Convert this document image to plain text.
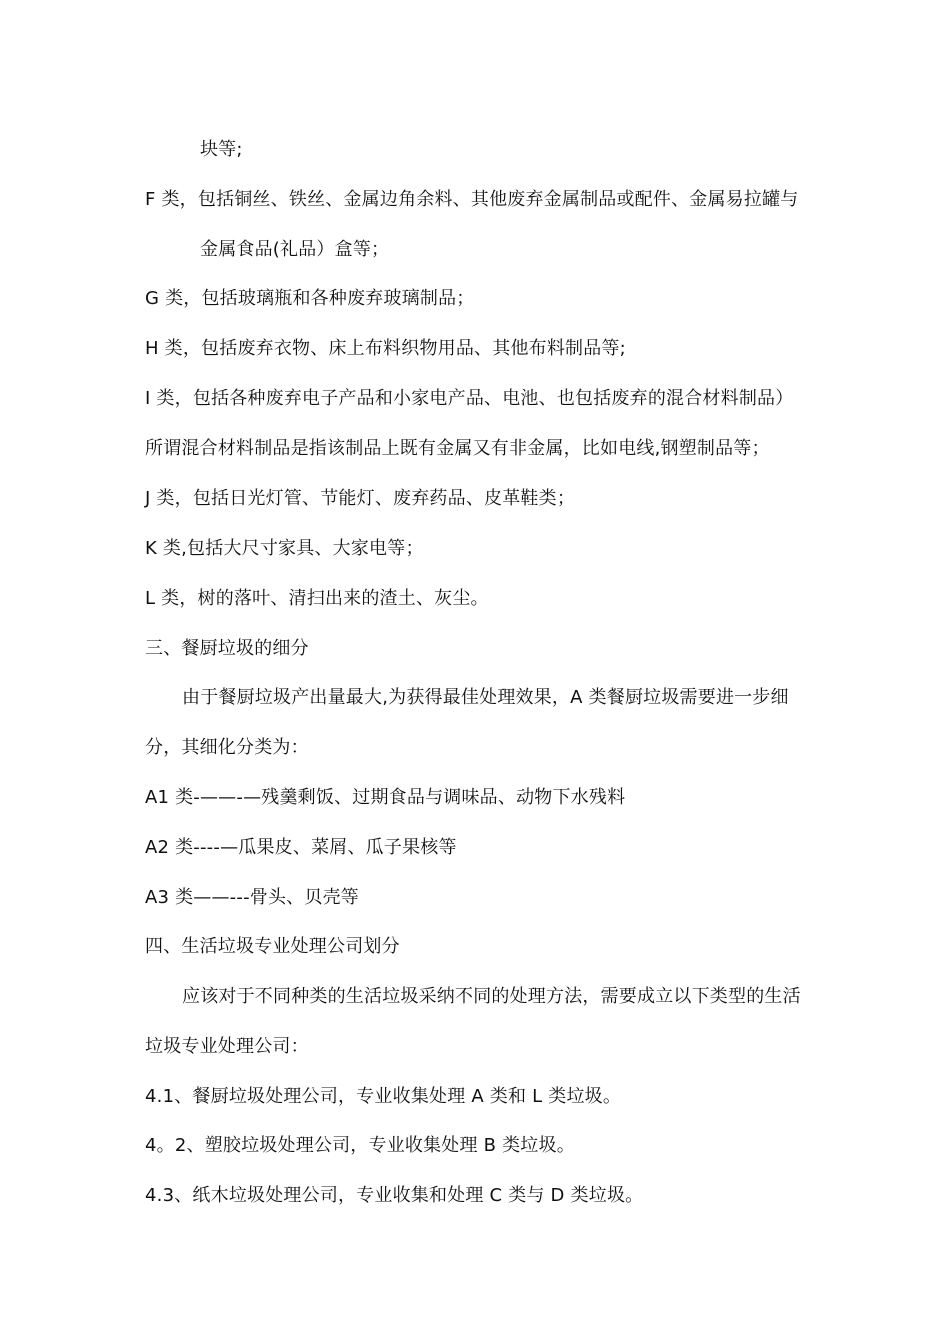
块等;
F 类，包括铜丝、铁丝、金属边角余料、其他废弃金属制品或配件、金属易拉罐与
金属食品(礼品）盒等；
G 类，包括玻璃瓶和各种废弃玻璃制品；
H 类，包括废弃衣物、床上布料织物用品、其他布料制品等;
I 类，包括各种废弃电子产品和小家电产品、电池、也包括废弃的混合材料制品）
所谓混合材料制品是指该制品上既有金属又有非金属，比如电线,钢塑制品等；
J 类，包括日光灯管、节能灯、废弃药品、皮革鞋类；
K 类,包括大尺寸家具、大家电等；
L 类，树的落叶、清扫出来的渣土、灰尘。
三、餐厨垃圾的细分
由于餐厨垃圾产出量最大,为获得最佳处理效果，A 类餐厨垃圾需要进一步细
分，其细化分类为：
A1 类-——-—残羹剩饭、过期食品与调味品、动物下水残料
A2 类----—瓜果皮、菜屑、瓜子果核等
A3 类——---骨头、贝壳等
四、生活垃圾专业处理公司划分
应该对于不同种类的生活垃圾采纳不同的处理方法，需要成立以下类型的生活
垃圾专业处理公司：
4.1、餐厨垃圾处理公司，专业收集处理 A 类和 L 类垃圾。
4。2、塑胶垃圾处理公司，专业收集处理 B 类垃圾。
4.3、纸木垃圾处理公司，专业收集和处理 C 类与 D 类垃圾。
